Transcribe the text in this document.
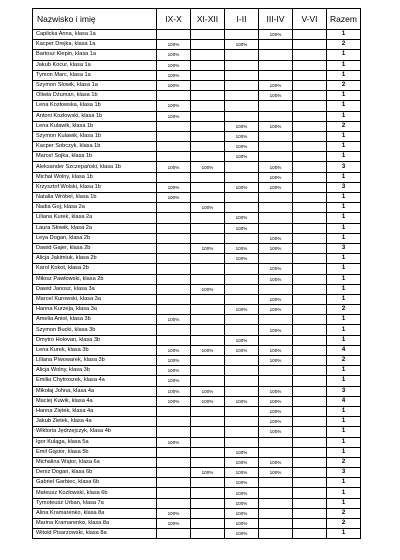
Nazwisko i imię	IX-X	XI-XII	I-II	III-IV	V-VI	Razem
Caplicka Anna, klasa 1a				100%		1
Kacper Drejka, klasa 1a	100%		100%			2
Bartosz Klepin, klasa 1a	100%					1
Jakub Kocur, klasa 1a	100%					1
Tymon Marc, klasa 1a	100%					1
Szymon Słowik, klasa 1a	100%			100%		2
Oliwia Dżuman, klasa 1b				100%		1
Lena Kozłowska, klasa 1b	100%					1
Antoni Kozłowski, klasa 1b	100%					1
Lena Kulawik, klasa 1b			100%	100%		2
Szymon Kulawik, klasa 1b			100%			1
Kacper Sobczyk, klasa 1b			100%			1
Marcel Sojka, klasa 1b			100%			1
Aleksander Szczepański, klasa 1b	100%	100%		100%		3
Michał Wolny, klasa 1b				100%		1
Krzysztof Wolski, klasa 1b	100%		100%	100%		3
Natalia Wróbel, klasa 1b	100%					1
Nadia Goj, klasa 2a		100%				1
Liliana Kurek, klasa 2a			100%			1
Laura Słowik, klasa 2a			100%			1
Leya Dogan, klasa 2b				100%		1
Dawid Gajer, klasa 2b		100%	100%	100%		3
Alicja Jakimiuk, klasa 2b			100%			1
Karol Kokot, klasa 2b				100%		1
Miłosz Pawłowski, klasa 2b				100%		1
Dawid Janosz, klasa 3a		100%				1
Marcel Kurowski, klasa 3a				100%		1
Hanna Kurzeja, klasa 3a			100%	100%		2
Amelia Anioł, klasa 3b	100%					1
Szymon Bucki, klasa 3b				100%		1
Dmytro Holovan, klasa 3b			100%			1
Lena Kurek, klasa 3b	100%	100%	100%	100%		4
Liliana Piwowarek, klasa 3b	100%			100%		2
Alicja Wolny, klasa 3b	100%					1
Emilia Chytroszek, klasa 4a	100%					1
Mikołaj Johna, klasa 4a	100%	100%		100%		3
Maciej Kuwik, klasa 4a	100%	100%	100%	100%		4
Hanna Ziętek, klasa 4a				100%		1
Jakub Zietek, klasa 4a				100%		1
Wiktoria Jędrzejczyk, klasa 4b				100%		1
Igor Kuląga, klasa 5a	100%					1
Emil Gąsior, klasa 5b			100%			1
Michalina Wątor, klasa 6a			100%	100%		2
Deniz Dogan, klasa 6b		100%	100%	100%		3
Gabriel Garbiec, klasa 6b			100%			1
Mateusz Kozłowski, klasa 6b			100%			1
Tymoteusz Urban, klasa 7a			100%			1
Alina Kramarenko, klasa 8a	100%		100%			2
Marina Kramarenko, klasa 8a	100%		100%			2
Witold Pisarzowski, klasa 8a			100%			1
